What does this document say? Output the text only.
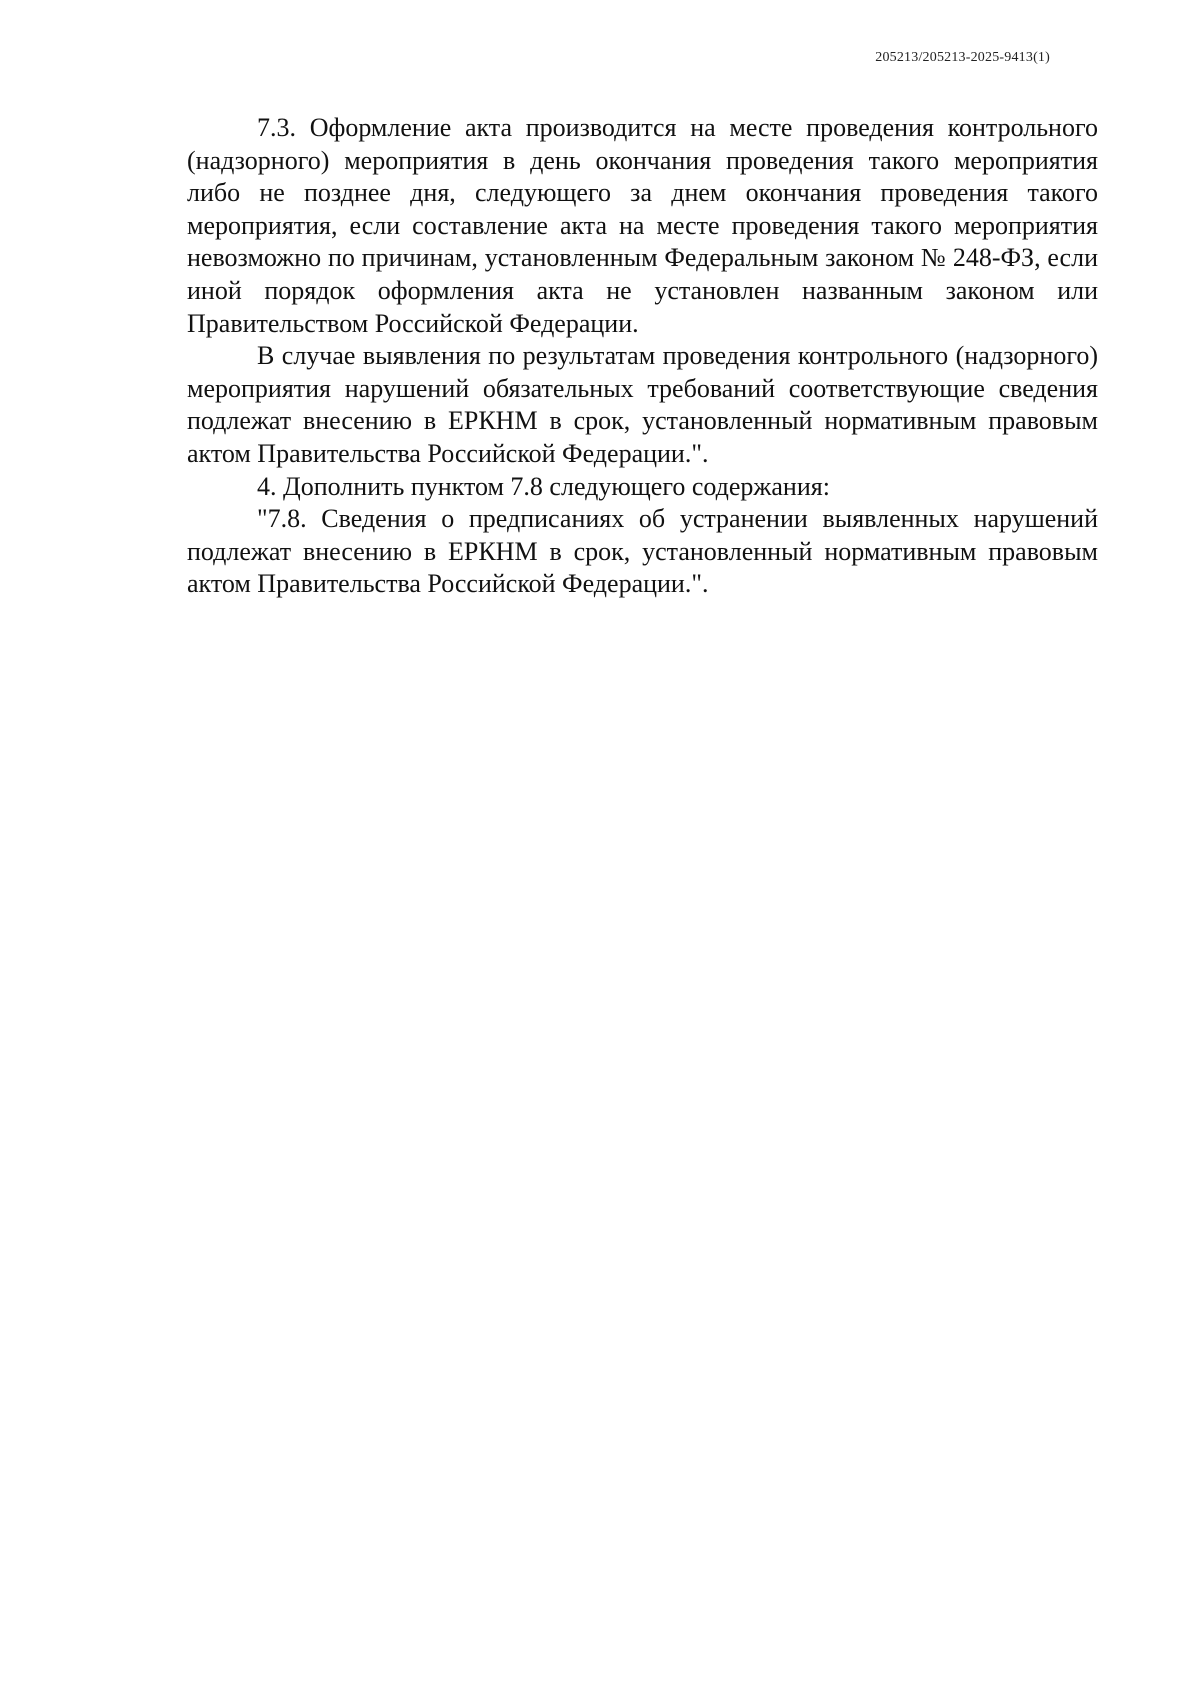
205213/205213-2025-9413(1)

7.3. Оформление акта производится на месте проведения контрольного (надзорного) мероприятия в день окончания проведения такого мероприятия либо не позднее дня, следующего за днем окончания проведения такого мероприятия, если составление акта на месте проведения такого мероприятия невозможно по причинам, установленным Федеральным законом № 248-ФЗ, если иной порядок оформления акта не установлен названным законом или Правительством Российской Федерации.

В случае выявления по результатам проведения контрольного (надзорного) мероприятия нарушений обязательных требований соответствующие сведения подлежат внесению в ЕРКНМ в срок, установленный нормативным правовым актом Правительства Российской Федерации.".

4. Дополнить пунктом 7.8 следующего содержания:

"7.8. Сведения о предписаниях об устранении выявленных нарушений подлежат внесению в ЕРКНМ в срок, установленный нормативным правовым актом Правительства Российской Федерации.".
